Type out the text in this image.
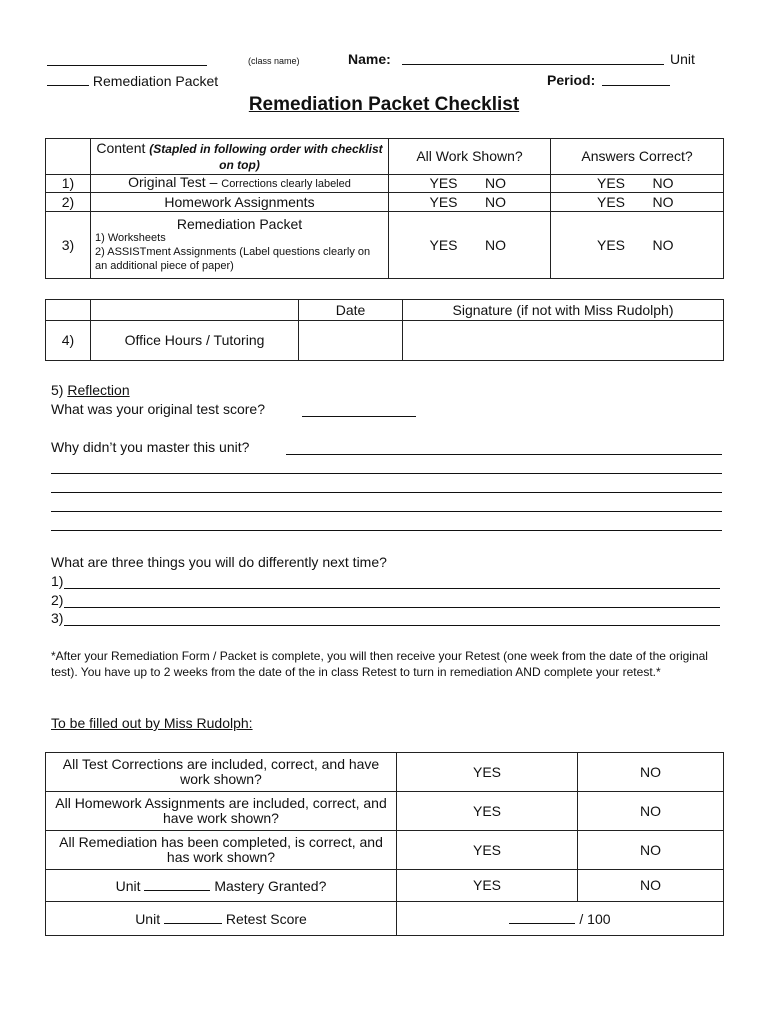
(class name)	Name:	Unit
Remediation Packet	Period:
Remediation Packet Checklist
	Content (Stapled in following order with checklist on top)	All Work Shown?	Answers Correct?
1)	Original Test – Corrections clearly labeled	YES NO	YES NO
2)	Homework Assignments	YES NO	YES NO
3)	Remediation Packet
1) Worksheets
2) ASSISTment Assignments (Label questions clearly on an additional piece of paper)	YES NO	YES NO
		Date	Signature (if not with Miss Rudolph)
4)	Office Hours / Tutoring		
5) Reflection
What was your original test score?
Why didn’t you master this unit?
What are three things you will do differently next time?
1)
2)
3)
*After your Remediation Form / Packet is complete, you will then receive your Retest (one week from the date of the original test). You have up to 2 weeks from the date of the in class Retest to turn in remediation AND complete your retest.*
To be filled out by Miss Rudolph:
All Test Corrections are included, correct, and have work shown?	YES	NO
All Homework Assignments are included, correct, and have work shown?	YES	NO
All Remediation has been completed, is correct, and has work shown?	YES	NO
Unit Mastery Granted?	YES	NO
Unit Retest Score	/ 100	
